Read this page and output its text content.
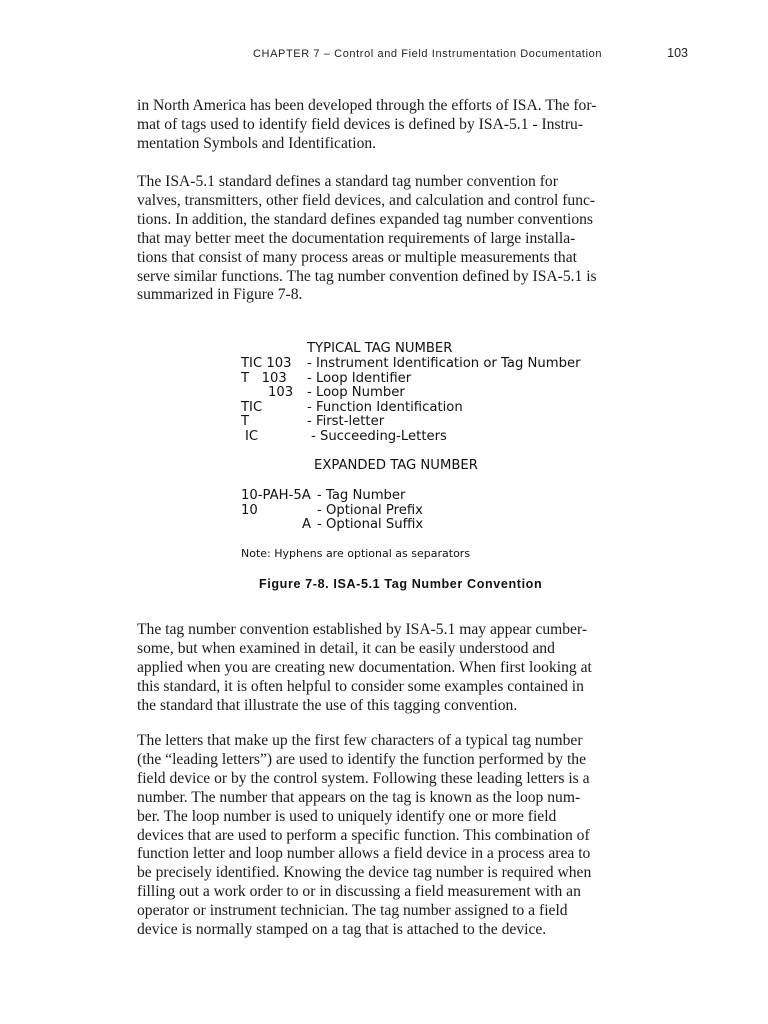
CHAPTER 7 – Control and Field Instrumentation Documentation	103
in North America has been developed through the efforts of ISA. The for-
mat of tags used to identify field devices is defined by ISA-5.1 - Instru-
mentation Symbols and Identification.
The ISA-5.1 standard defines a standard tag number convention for
valves, transmitters, other field devices, and calculation and control func-
tions. In addition, the standard defines expanded tag number conventions
that may better meet the documentation requirements of large installa-
tions that consist of many process areas or multiple measurements that
serve similar functions. The tag number convention defined by ISA-5.1 is
summarized in Figure 7-8.
TYPICAL TAG NUMBER
TIC 103 - Instrument Identification or Tag Number
T   103 - Loop Identifier
103 - Loop Number
TIC	- Function Identification
T	- First-letter
IC	- Succeeding-Letters
EXPANDED TAG NUMBER
10-PAH-5A - Tag Number
10	- Optional Prefix
A - Optional Suffix
Note: Hyphens are optional as separators
Figure 7-8. ISA-5.1 Tag Number Convention
The tag number convention established by ISA-5.1 may appear cumber-
some, but when examined in detail, it can be easily understood and
applied when you are creating new documentation. When first looking at
this standard, it is often helpful to consider some examples contained in
the standard that illustrate the use of this tagging convention.
The letters that make up the first few characters of a typical tag number
(the “leading letters”) are used to identify the function performed by the
field device or by the control system. Following these leading letters is a
number. The number that appears on the tag is known as the loop num-
ber. The loop number is used to uniquely identify one or more field
devices that are used to perform a specific function. This combination of
function letter and loop number allows a field device in a process area to
be precisely identified. Knowing the device tag number is required when
filling out a work order to or in discussing a field measurement with an
operator or instrument technician. The tag number assigned to a field
device is normally stamped on a tag that is attached to the device.
